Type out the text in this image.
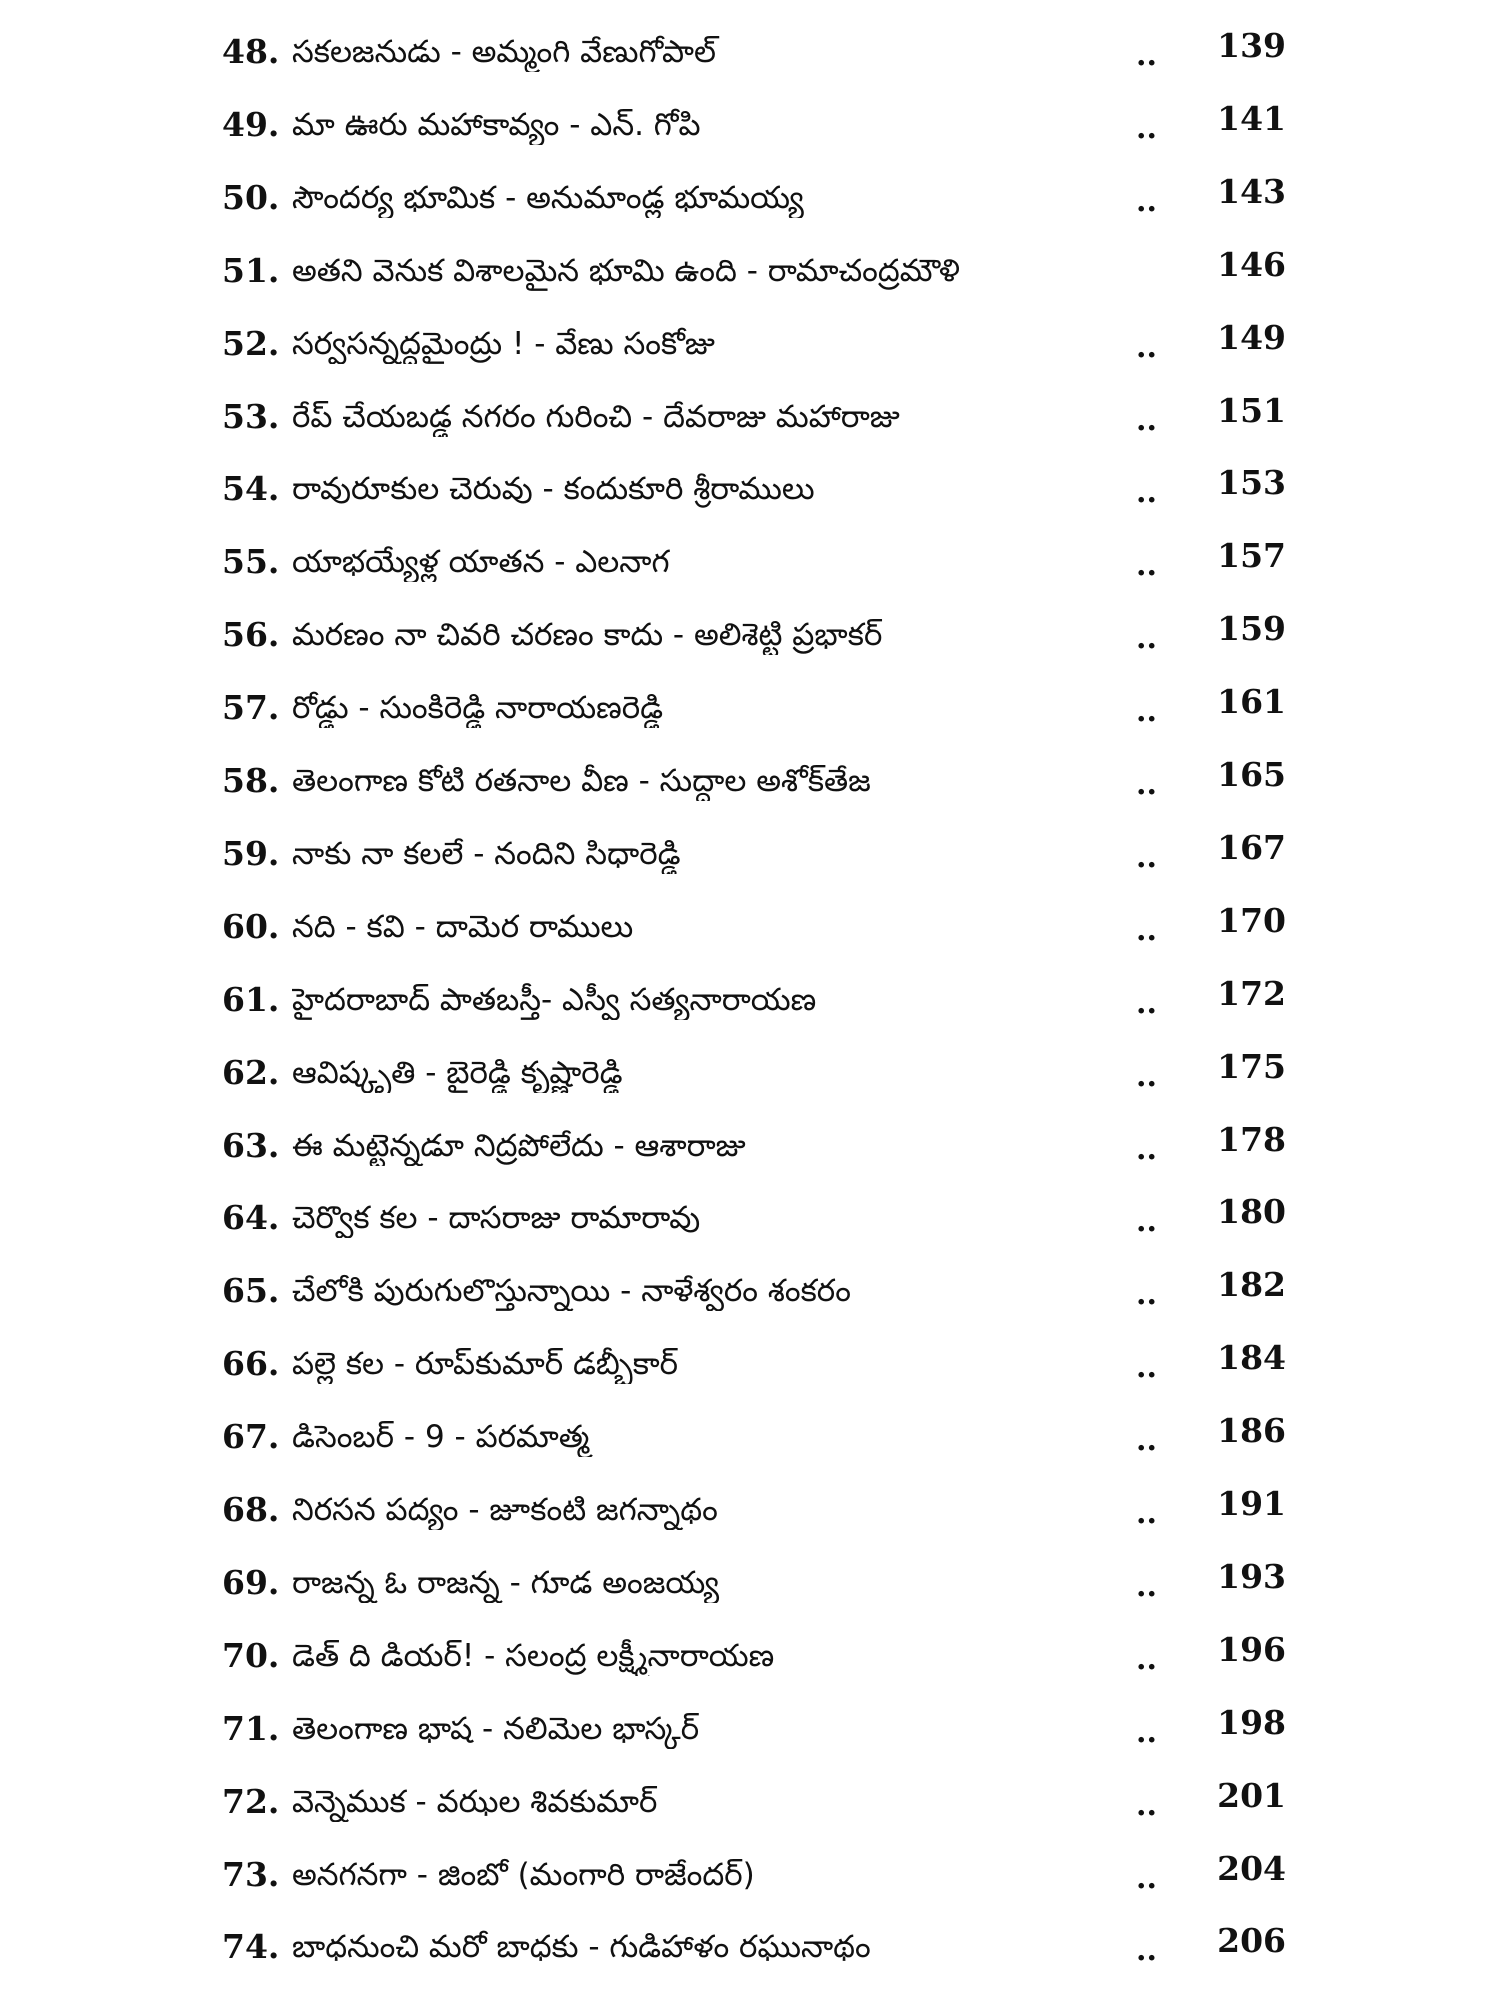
48. సకలజనుడు - అమ్మంగి వేణుగోపాల్	..	139
49. మా ఊరు మహాకావ్యం - ఎన్. గోపి	..	141
50. సౌందర్య భూమిక - అనుమాండ్ల భూమయ్య	..	143
51. అతని వెనుక విశాలమైన భూమి ఉంది - రామాచంద్రమౌళి	146
52. సర్వసన్నద్ధమైంద్రు ! - వేణు సంకోజు	..	149
53. రేప్ చేయబడ్డ నగరం గురించి - దేవరాజు మహారాజు	..	151
54. రావురూకుల చెరువు - కందుకూరి శ్రీరాములు	..	153
55. యాభయ్యేళ్ల యాతన - ఎలనాగ	..	157
56. మరణం నా చివరి చరణం కాదు - అలిశెట్టి ప్రభాకర్	..	159
57. రోడ్డు - సుంకిరెడ్డి నారాయణరెడ్డి	..	161
58. తెలంగాణ కోటి రతనాల వీణ - సుద్దాల అశోక్‌తేజ	..	165
59. నాకు నా కలలే - నందిని సిధారెడ్డి	..	167
60. నది - కవి - దామెర రాములు	..	170
61. హైదరాబాద్ పాతబస్తీ- ఎస్వీ సత్యనారాయణ	..	172
62. ఆవిష్కృతి - బైరెడ్డి కృష్ణారెడ్డి	..	175
63. ఈ మట్టెన్నడూ నిద్రపోలేదు - ఆశారాజు	..	178
64. చెర్వొక కల - దాసరాజు రామారావు	..	180
65. చేలోకి పురుగులొస్తున్నాయి - నాళేశ్వరం శంకరం	..	182
66. పల్లె కల - రూప్‌కుమార్ డబ్బీకార్	..	184
67. డిసెంబర్ - 9 - పరమాత్మ	..	186
68. నిరసన పద్యం - జూకంటి జగన్నాథం	..	191
69. రాజన్న ఓ రాజన్న - గూడ అంజయ్య	..	193
70. డెత్ ది డియర్! - సలంద్ర లక్ష్మీనారాయణ	..	196
71. తెలంగాణ భాష - నలిమెల భాస్కర్	..	198
72. వెన్నెముక - వఝల శివకుమార్	..	201
73. అనగనగా - జింబో (మంగారి రాజేందర్)	..	204
74. బాధనుంచి మరో బాధకు - గుడిహాళం రఘునాథం	..	206
